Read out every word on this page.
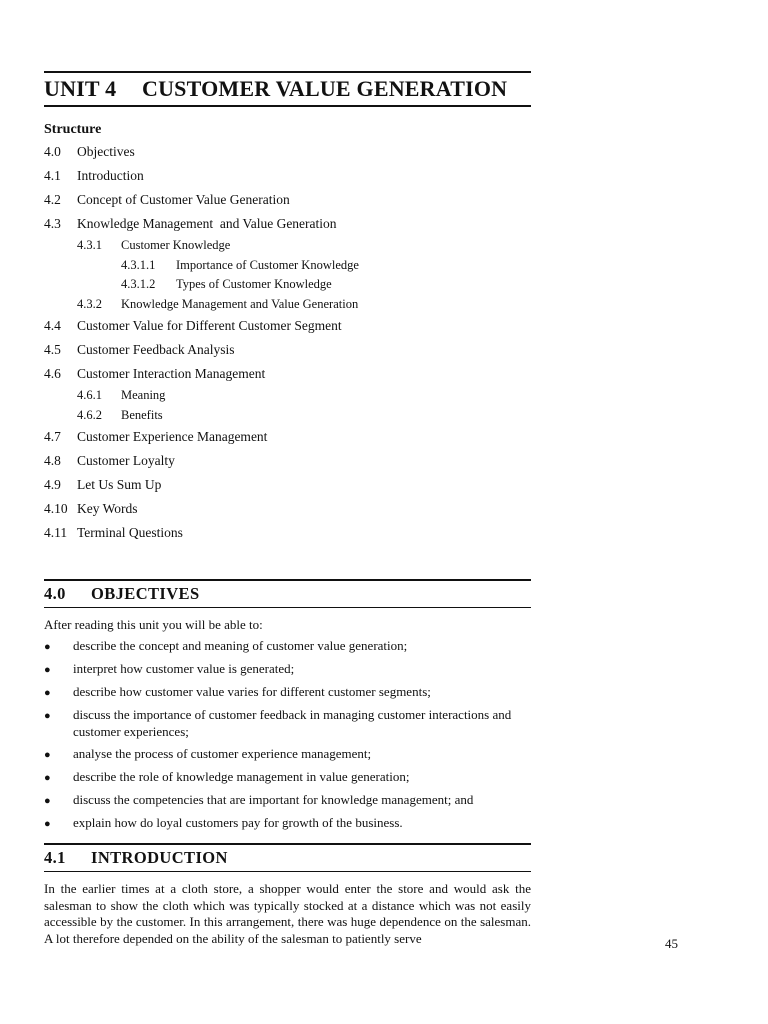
UNIT 4 CUSTOMER VALUE GENERATION
Structure
4.0	Objectives
4.1	Introduction
4.2	Concept of Customer Value Generation
4.3	Knowledge Management  and Value Generation
4.3.1	Customer Knowledge
4.3.1.1	Importance of Customer Knowledge
4.3.1.2	Types of Customer Knowledge
4.3.2	Knowledge Management and Value Generation
4.4	Customer Value for Different Customer Segment
4.5	Customer Feedback Analysis
4.6	Customer Interaction Management
4.6.1	Meaning
4.6.2	Benefits
4.7	Customer Experience Management
4.8	Customer Loyalty
4.9	Let Us Sum Up
4.10 Key Words
4.11 Terminal Questions
4.0 OBJECTIVES
After reading this unit you will be able to:
●	describe the concept and meaning of customer value generation;
●	interpret how customer value is generated;
●	describe how customer value varies for different customer segments;
●	discuss the importance of customer feedback in managing customer interactions and customer experiences;
●	analyse the process of customer experience management;
●	describe the role of knowledge management in value generation;
●	discuss the competencies that are important for knowledge management; and
●	explain how do loyal customers pay for growth of the business.
4.1 INTRODUCTION
In the earlier times at a cloth store, a shopper would enter the store and would ask the salesman to show the cloth which was typically stocked at a distance which was not easily accessible by the customer. In this arrangement, there was huge dependence on the salesman. A lot therefore depended on the ability of the salesman to patiently serve	45
